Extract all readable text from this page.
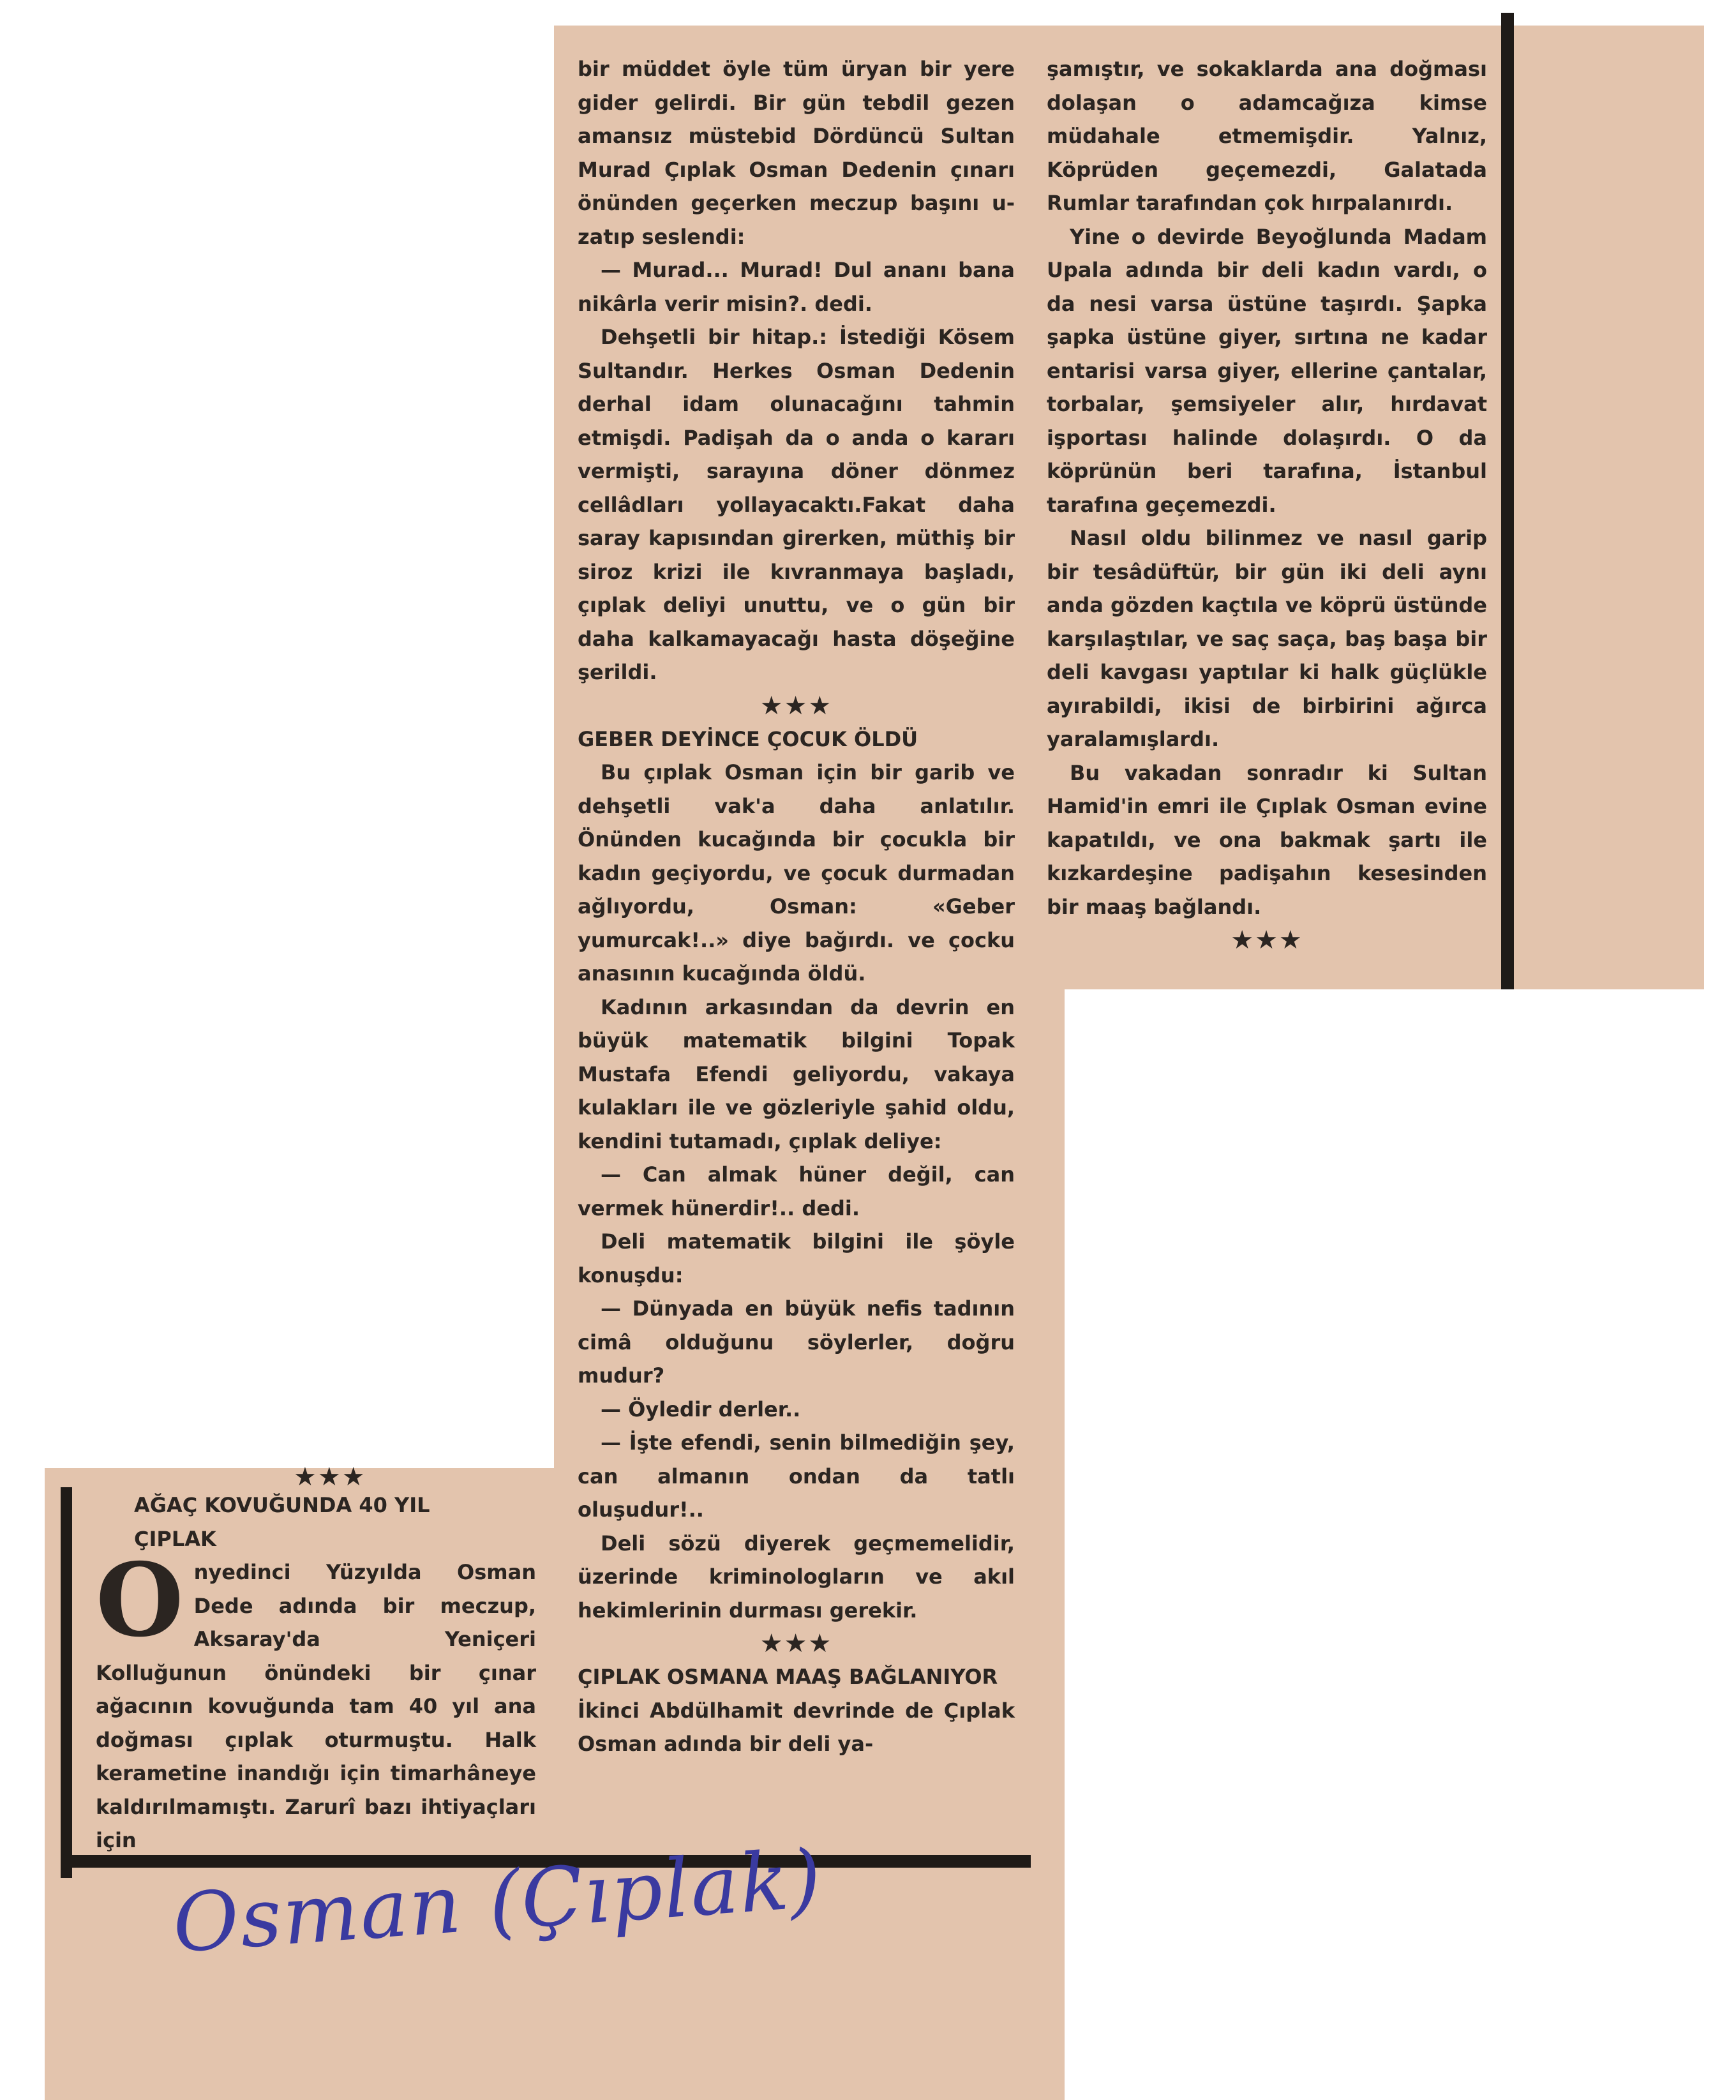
bir müddet öyle tüm üryan bir yere gider gelirdi. Bir gün tebdil gezen amansız müstebid Dördüncü Sultan Murad Çıplak Osman Dedenin çınarı önünden geçerken meczup başını u-zatıp seslendi:

— Murad... Murad! Dul ananı bana nikârla verir misin?. dedi.

Dehşetli bir hitap.: İstediği Kösem Sultandır. Herkes Osman Dedenin derhal idam olunacağını tahmin etmişdi. Padişah da o anda o kararı vermişti, sarayına döner dönmez cellâdları yollayacaktı.Fakat daha saray kapısından girerken, müthiş bir siroz krizi ile kıvranmaya başladı, çıplak deliyi unuttu, ve o gün bir daha kalkamayacağı hasta döşeğine şerildi.

★★★

GEBER DEYİNCE ÇOCUK ÖLDÜ

Bu çıplak Osman için bir garib ve dehşetli vak'a daha anlatılır. Önünden kucağında bir çocukla bir kadın geçiyordu, ve çocuk durmadan ağlıyordu, Osman: «Geber yumurcak!..» diye bağırdı. ve çocku anasının kucağında öldü.

Kadının arkasından da devrin en büyük matematik bilgini Topak Mustafa Efendi geliyordu, vakaya kulakları ile ve gözleriyle şahid oldu, kendini tutamadı, çıplak deliye:

— Can almak hüner değil, can vermek hünerdir!.. dedi.

Deli matematik bilgini ile şöyle konuşdu:

— Dünyada en büyük nefis tadının cimâ olduğunu söylerler, doğru mudur?

— Öyledir derler..

— İşte efendi, senin bilmediğin şey, can almanın ondan da tatlı oluşudur!..

Deli sözü diyerek geçmemelidir, üzerinde kriminologların ve akıl hekimlerinin durması gerekir.

★★★

ÇIPLAK OSMANA MAAŞ BAĞLANIYOR

İkinci Abdülhamit devrinde de Çıplak Osman adında bir deli ya-

şamıştır, ve sokaklarda ana doğması dolaşan o adamcağıza kimse müdahale etmemişdir. Yalnız, Köprüden geçemezdi, Galatada Rumlar tarafından çok hırpalanırdı.

Yine o devirde Beyoğlunda Madam Upala adında bir deli kadın vardı, o da nesi varsa üstüne taşırdı. Şapka şapka üstüne giyer, sırtına ne kadar entarisi varsa giyer, ellerine çantalar, torbalar, şemsiyeler alır, hırdavat işportası halinde dolaşırdı. O da köprünün beri tarafına, İstanbul tarafına geçemezdi.

Nasıl oldu bilinmez ve nasıl garip bir tesâdüftür, bir gün iki deli aynı anda gözden kaçtıla ve köprü üstünde karşılaştılar, ve saç saça, baş başa bir deli kavgası yaptılar ki halk güçlükle ayırabildi, ikisi de birbirini ağırca yaralamışlardı.

Bu vakadan sonradır ki Sultan Hamid'in emri ile Çıplak Osman evine kapatıldı, ve ona bakmak şartı ile kızkardeşine padişahın kesesinden bir maaş bağlandı.

★★★
★★★

AĞAÇ KOVUĞUNDA 40 YIL ÇIPLAK

Onyedinci Yüzyılda Osman Dede adında bir meczup, Aksaray'da Yeniçeri Kolluğunun önündeki bir çınar ağacının kovuğunda tam 40 yıl ana doğması çıplak oturmuştu. Halk kerametine inandığı için timarhâneye kaldırılmamıştı. Zarurî bazı ihtiyaçları için Osman (Çıplak)
